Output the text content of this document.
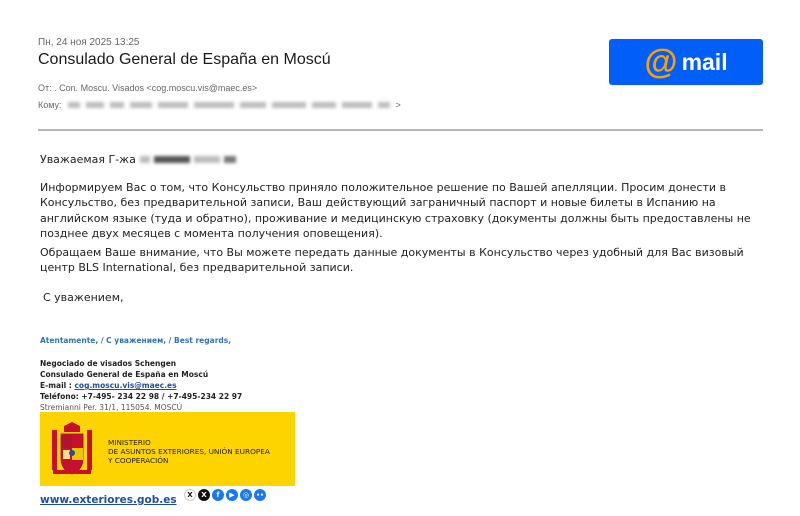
Пн, 24 ноя 2025 13:25
Consulado General de España en Moscú	@ mail
От: . Con. Moscu. Visados <cog.moscu.vis@maec.es>
Кому:	>
Уважаемая Г-жа
Информируем Вас о том, что Консульство приняло положительное решение по Вашей апелляции. Просим донести в Консульство, без предварительной записи, Ваш действующий заграничный паспорт и новые билеты в Испанию на английском языке (туда и обратно), проживание и медицинскую страховку (документы должны быть предоставлены не позднее двух месяцев с момента получения оповещения).
Обращаем Ваше внимание, что Вы можете передать данные документы в Консульство через удобный для Вас визовый центр BLS International, без предварительной записи.
С уважением,
Atentamente, / С уважением, / Best regards,
Negociado de visados Schengen
Consulado General de España en Moscú
E-mail : cog.moscu.vis@maec.es
Teléfono: +7-495- 234 22 98 / +7-495-234 22 97
Stremianni Per. 31/1, 115054. MOSCÚ
MINISTERIO
DE ASUNTOS EXTERIORES, UNIÓN EUROPEA
Y COOPERACIÓN
www.exteriores.gob.es	X	X	f	▶	◎	••
